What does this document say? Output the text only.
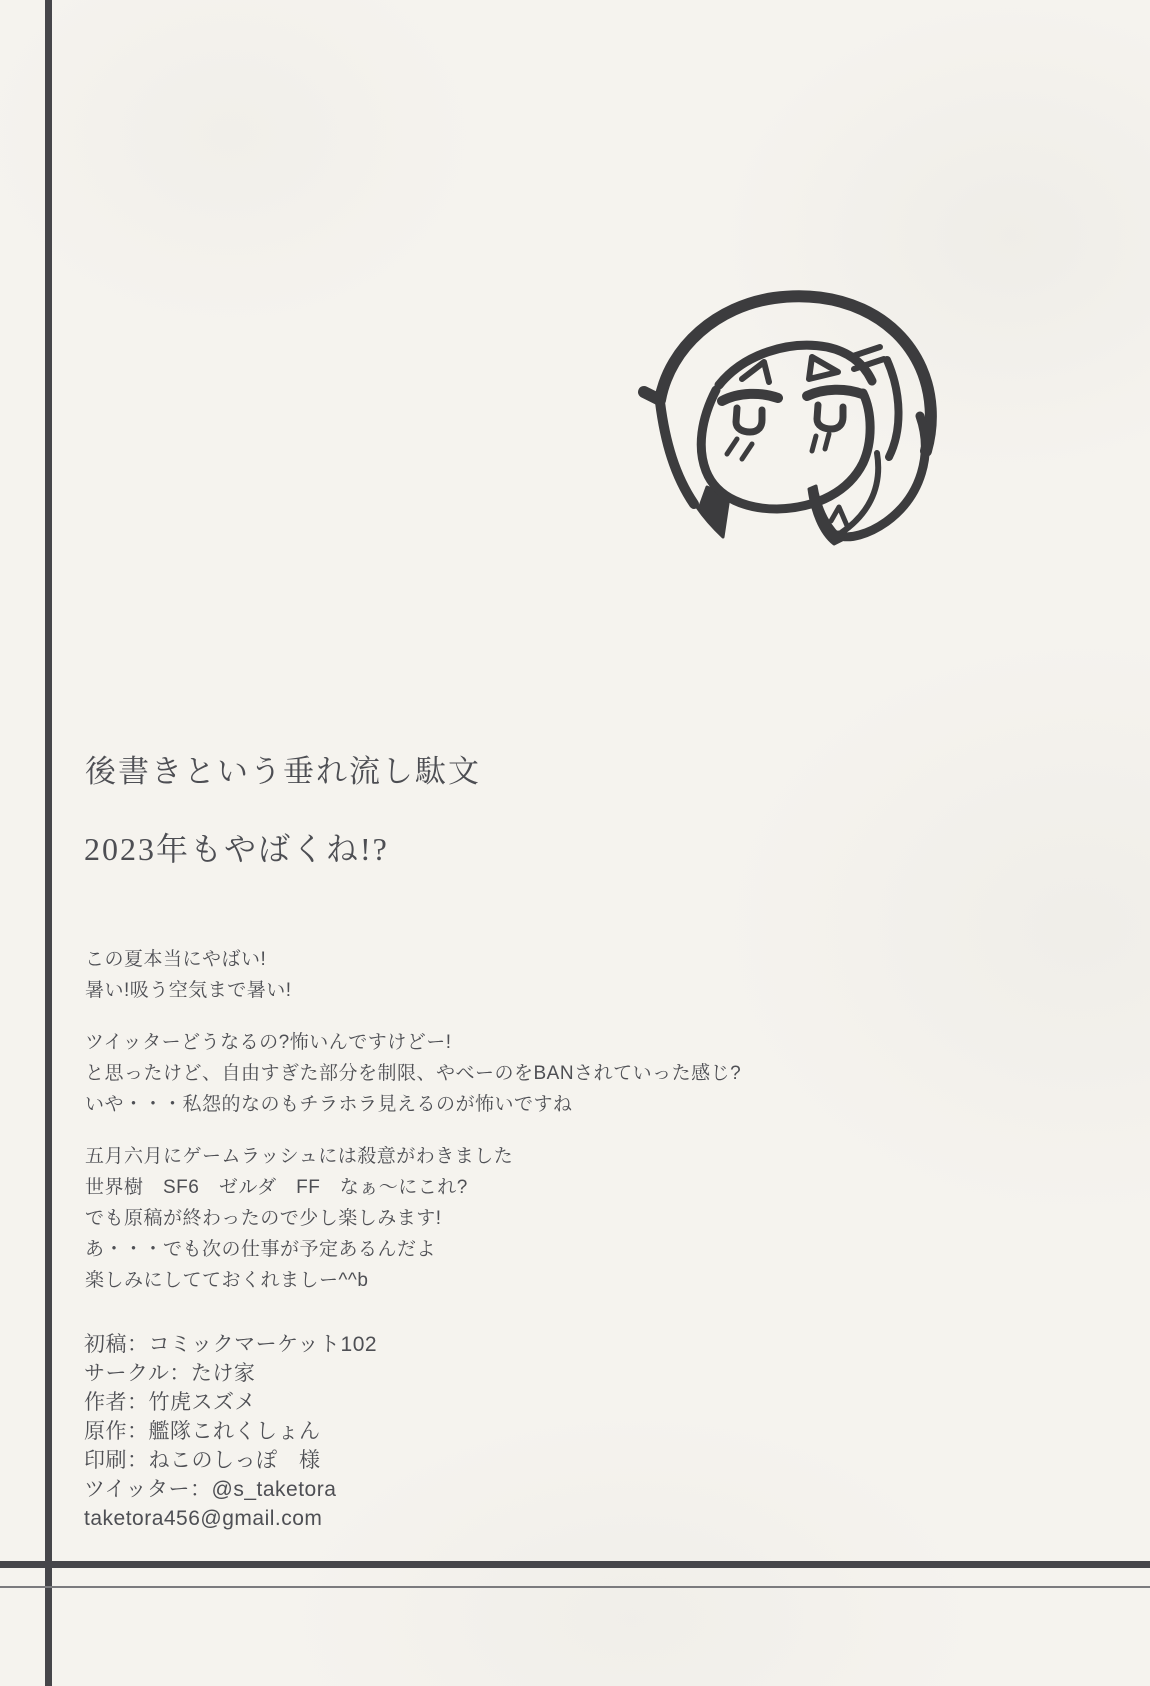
後書きという垂れ流し駄文
2023年もやばくね!?
この夏本当にやばい!
暑い!吸う空気まで暑い!
ツイッターどうなるの?怖いんですけどー!
と思ったけど、自由すぎた部分を制限、やべーのをBANされていった感じ?
いや・・・私怨的なのもチラホラ見えるのが怖いですね
五月六月にゲームラッシュには殺意がわきました
世界樹　SF6　ゼルダ　FF　なぁ〜にこれ?
でも原稿が終わったので少し楽しみます!
あ・・・でも次の仕事が予定あるんだよ
楽しみにしてておくれましー^^b
初稿：コミックマーケット102
サークル：たけ家
作者：竹虎スズメ
原作：艦隊これくしょん
印刷：ねこのしっぽ　様
ツイッター：@s_taketora
taketora456@gmail.com
